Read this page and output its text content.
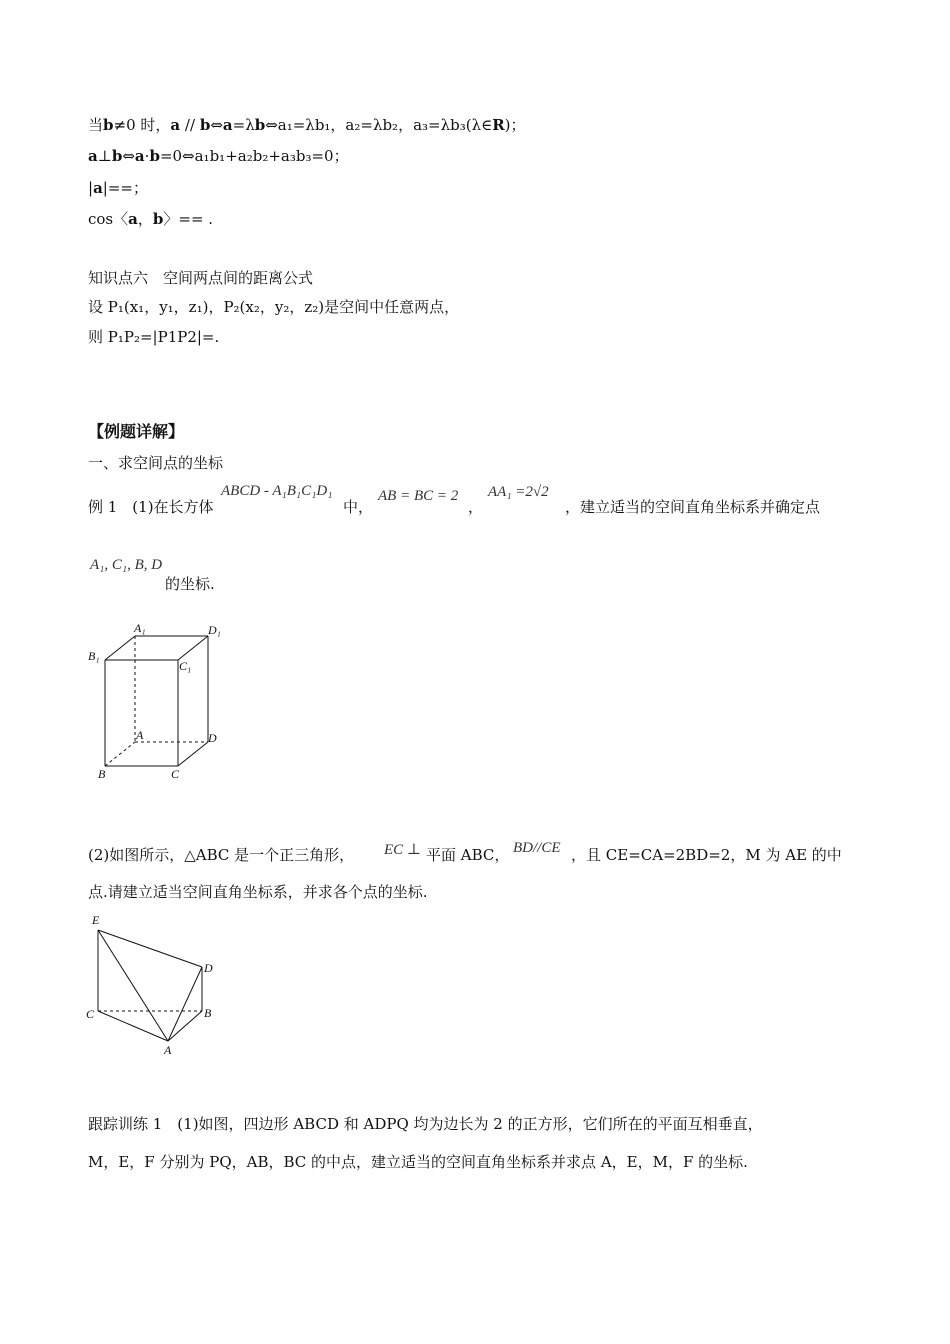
当b≠0 时，a // b⇔a=λb⇔a₁=λb₁，a₂=λb₂，a₃=λb₃(λ∈R)；
a⊥b⇔a·b=0⇔a₁b₁+a₂b₂+a₃b₃=0；
|a|==；
cos〈a，b〉== .
知识点六　空间两点间的距离公式
设 P₁(x₁，y₁，z₁)，P₂(x₂，y₂，z₂)是空间中任意两点，
则 P₁P₂=|P1P2|=.
【例题详解】
一、求空间点的坐标
例 1　(1)在长方体
ABCD - A₁B₁C₁D₁
中，
AB = BC = 2
，
AA₁ =2√2
，建立适当的空间直角坐标系并确定点
A₁, C₁, B, D
的坐标.
A₁	D₁
B₁
C₁
A	D
B	C
(2)如图所示，△ABC 是一个正三角形， EC ⊥ 平面 ABC， BD//CE ，且 CE=CA=2BD=2，M 为 AE 的中
点.请建立适当空间直角坐标系，并求各个点的坐标.
E
D
C	B
A
跟踪训练 1　(1)如图，四边形 ABCD 和 ADPQ 均为边长为 2 的正方形，它们所在的平面互相垂直，
M，E，F 分别为 PQ，AB，BC 的中点，建立适当的空间直角坐标系并求点 A，E，M，F 的坐标.
